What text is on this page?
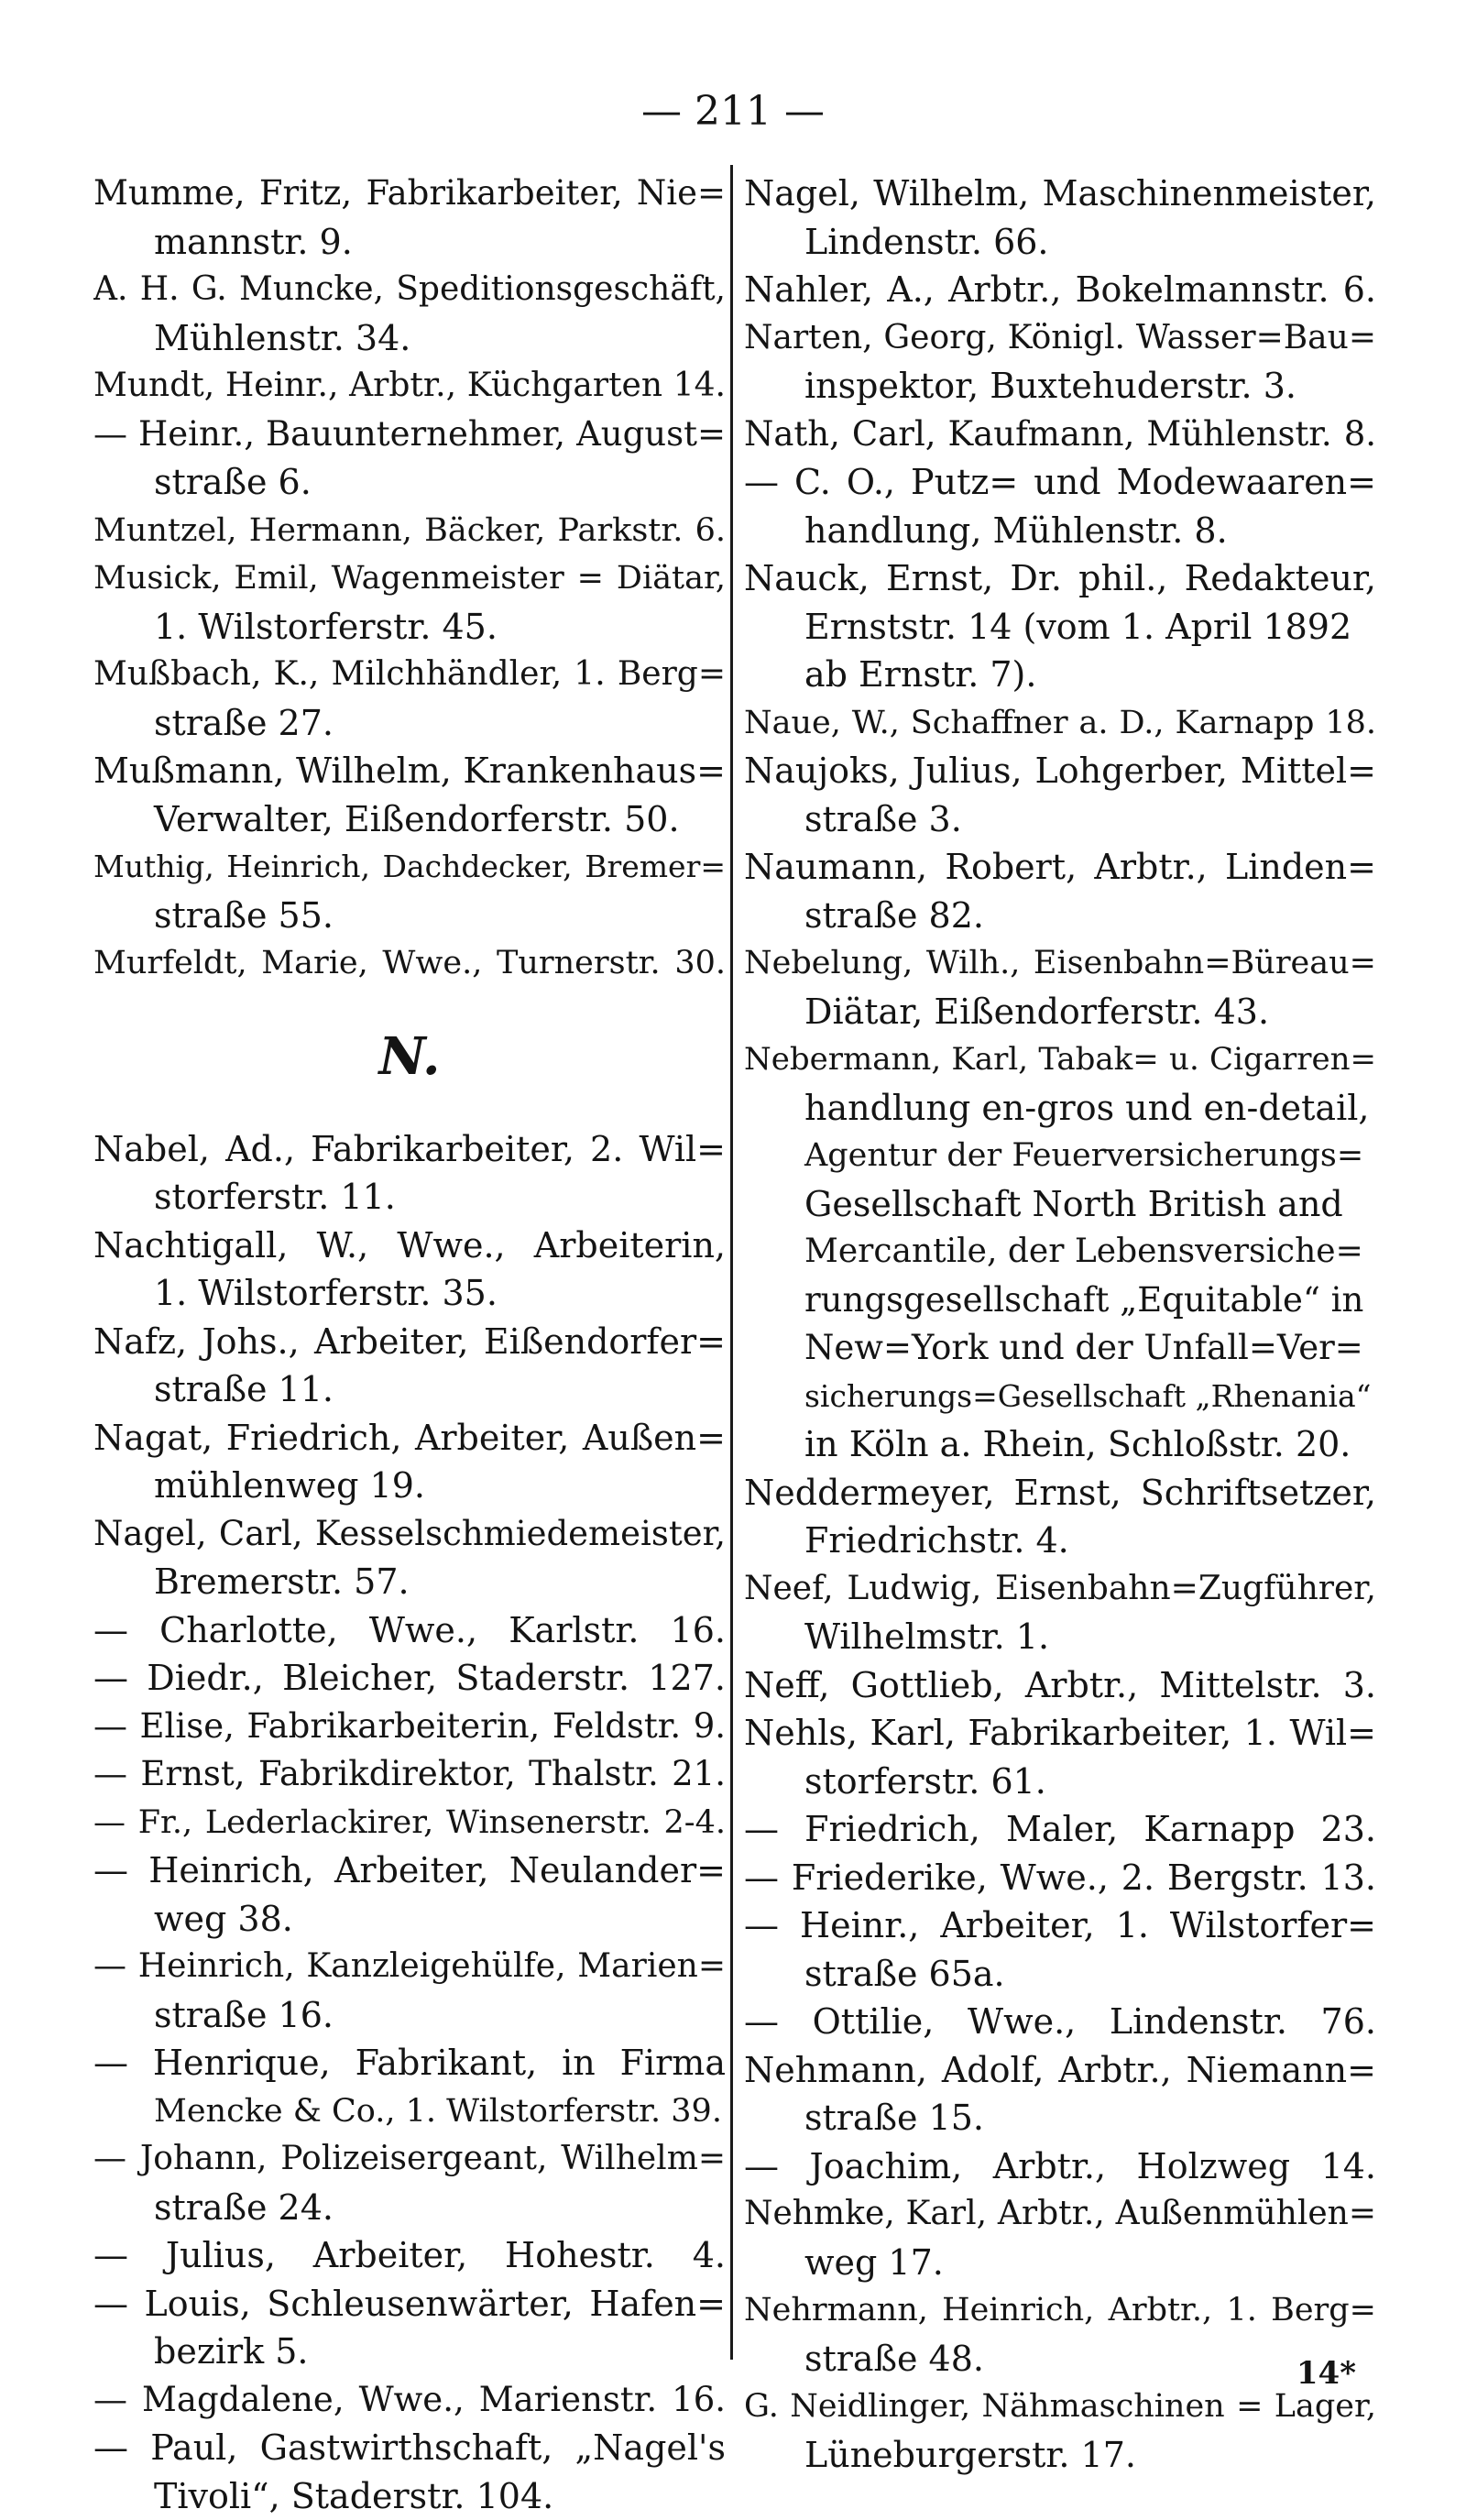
— 211 —
Mumme, Fritz, Fabrikarbeiter, Nie=
mannstr. 9.
A. H. G. Muncke, Speditionsgeschäft,
Mühlenstr. 34.
Mundt, Heinr., Arbtr., Küchgarten 14.
— Heinr., Bauunternehmer, August=
straße 6.
Muntzel, Hermann, Bäcker, Parkstr. 6.
Musick, Emil, Wagenmeister = Diätar,
1. Wilstorferstr. 45.
Mußbach, K., Milchhändler, 1. Berg=
straße 27.
Mußmann, Wilhelm, Krankenhaus=
Verwalter, Eißendorferstr. 50.
Muthig, Heinrich, Dachdecker, Bremer=
straße 55.
Murfeldt, Marie, Wwe., Turnerstr. 30.
N.
Nabel, Ad., Fabrikarbeiter, 2. Wil=
storferstr. 11.
Nachtigall, W., Wwe., Arbeiterin,
1. Wilstorferstr. 35.
Nafz, Johs., Arbeiter, Eißendorfer=
straße 11.
Nagat, Friedrich, Arbeiter, Außen=
mühlenweg 19.
Nagel, Carl, Kesselschmiedemeister,
Bremerstr. 57.
— Charlotte, Wwe., Karlstr. 16.
— Diedr., Bleicher, Staderstr. 127.
— Elise, Fabrikarbeiterin, Feldstr. 9.
— Ernst, Fabrikdirektor, Thalstr. 21.
— Fr., Lederlackirer, Winsenerstr. 2-4.
— Heinrich, Arbeiter, Neulander=
weg 38.
— Heinrich, Kanzleigehülfe, Marien=
straße 16.
— Henrique, Fabrikant, in Firma
Mencke & Co., 1. Wilstorferstr. 39.
— Johann, Polizeisergeant, Wilhelm=
straße 24.
— Julius, Arbeiter, Hohestr. 4.
— Louis, Schleusenwärter, Hafen=
bezirk 5.
— Magdalene, Wwe., Marienstr. 16.
— Paul, Gastwirthschaft, „Nagel's
Tivoli“, Staderstr. 104.
Nagel, Wilhelm, Maschinenmeister,
Lindenstr. 66.
Nahler, A., Arbtr., Bokelmannstr. 6.
Narten, Georg, Königl. Wasser=Bau=
inspektor, Buxtehuderstr. 3.
Nath, Carl, Kaufmann, Mühlenstr. 8.
— C. O., Putz= und Modewaaren=
handlung, Mühlenstr. 8.
Nauck, Ernst, Dr. phil., Redakteur,
Ernststr. 14 (vom 1. April 1892
ab Ernstr. 7).
Naue, W., Schaffner a. D., Karnapp 18.
Naujoks, Julius, Lohgerber, Mittel=
straße 3.
Naumann, Robert, Arbtr., Linden=
straße 82.
Nebelung, Wilh., Eisenbahn=Büreau=
Diätar, Eißendorferstr. 43.
Nebermann, Karl, Tabak= u. Cigarren=
handlung en-gros und en-detail,
Agentur der Feuerversicherungs=
Gesellschaft North British and
Mercantile, der Lebensversiche=
rungsgesellschaft „Equitable“ in
New=York und der Unfall=Ver=
sicherungs=Gesellschaft „Rhenania“
in Köln a. Rhein, Schloßstr. 20.
Neddermeyer, Ernst, Schriftsetzer,
Friedrichstr. 4.
Neef, Ludwig, Eisenbahn=Zugführer,
Wilhelmstr. 1.
Neff, Gottlieb, Arbtr., Mittelstr. 3.
Nehls, Karl, Fabrikarbeiter, 1. Wil=
storferstr. 61.
— Friedrich, Maler, Karnapp 23.
— Friederike, Wwe., 2. Bergstr. 13.
— Heinr., Arbeiter, 1. Wilstorfer=
straße 65a.
— Ottilie, Wwe., Lindenstr. 76.
Nehmann, Adolf, Arbtr., Niemann=
straße 15.
— Joachim, Arbtr., Holzweg 14.
Nehmke, Karl, Arbtr., Außenmühlen=
weg 17.
Nehrmann, Heinrich, Arbtr., 1. Berg=
straße 48.
G. Neidlinger, Nähmaschinen = Lager,
Lüneburgerstr. 17.
14*
